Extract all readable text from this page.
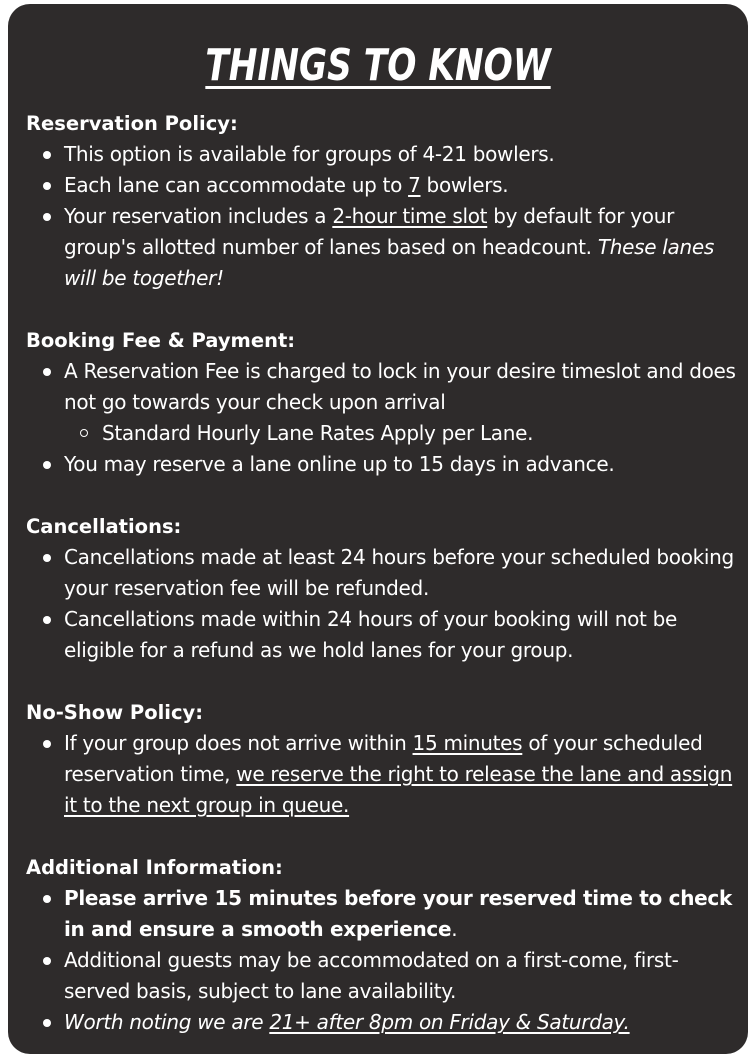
THINGS TO KNOW

Reservation Policy:

This option is available for groups of 4-21 bowlers.
Each lane can accommodate up to 7 bowlers.
Your reservation includes a 2-hour time slot by default for your group's allotted number of lanes based on headcount. These lanes will be together!

Booking Fee & Payment:

A Reservation Fee is charged to lock in your desire timeslot and does not go towards your check upon arrival
Standard Hourly Lane Rates Apply per Lane.
You may reserve a lane online up to 15 days in advance.

Cancellations:

Cancellations made at least 24 hours before your scheduled booking your reservation fee will be refunded.
Cancellations made within 24 hours of your booking will not be eligible for a refund as we hold lanes for your group.

No-Show Policy:

If your group does not arrive within 15 minutes of your scheduled reservation time, we reserve the right to release the lane and assign it to the next group in queue.

Additional Information:

Please arrive 15 minutes before your reserved time to check in and ensure a smooth experience.
Additional guests may be accommodated on a first-come, first-served basis, subject to lane availability.
Worth noting we are 21+ after 8pm on Friday & Saturday.
